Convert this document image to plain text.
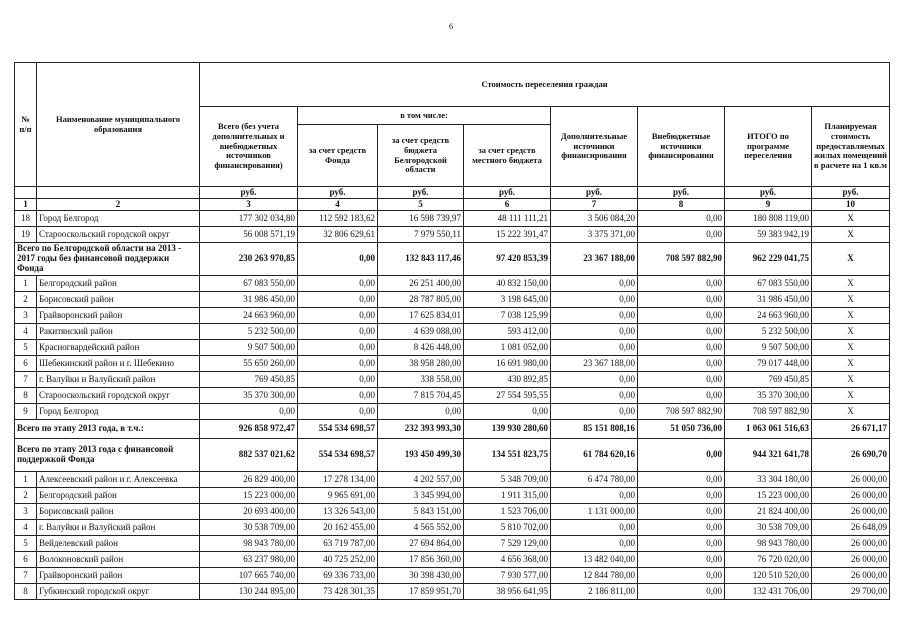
6
№ п/п	Наименование муниципального образования	Стоимость переселения граждан							
		Всего (без учета дополнительных и внебюджетных источников финансирования)	в том числе:			Дополнительные источники финансирования	Внебюджетные источники финансирования	ИТОГО по программе переселения	Планируемая стоимость предоставляемых жилых помещений в расчете на 1 кв.м
			за счет средств Фонда	за счет средств бюджета Белгородской области	за счет средств местного бюджета				
		руб.	руб.	руб.	руб.	руб.	руб.	руб.	руб.
1	2	3	4	5	6	7	8	9	10
18	Город Белгород	177 302 034,80	112 592 183,62	16 598 739,97	48 111 111,21	3 506 084,20	0,00	180 808 119,00	Х
19	Старооскольский городской округ	56 008 571,19	32 806 629,61	7 979 550,11	15 222 391,47	3 375 371,00	0,00	59 383 942,19	Х
Всего по Белгородской области на 2013 - 2017 годы без финансовой поддержки Фонда		230 263 970,85	0,00	132 843 117,46	97 420 853,39	23 367 188,00	708 597 882,90	962 229 041,75	Х
1	Белгородский район	67 083 550,00	0,00	26 251 400,00	40 832 150,00	0,00	0,00	67 083 550,00	Х
2	Борисовский район	31 986 450,00	0,00	28 787 805,00	3 198 645,00	0,00	0,00	31 986 450,00	Х
3	Грайворонский район	24 663 960,00	0,00	17 625 834,01	7 038 125,99	0,00	0,00	24 663 960,00	Х
4	Ракитянский район	5 232 500,00	0,00	4 639 088,00	593 412,00	0,00	0,00	5 232 500,00	Х
5	Красногвардейский район	9 507 500,00	0,00	8 426 448,00	1 081 052,00	0,00	0,00	9 507 500,00	Х
6	Шебекинский район и г. Шебекино	55 650 260,00	0,00	38 958 280,00	16 691 980,00	23 367 188,00	0,00	79 017 448,00	Х
7	г. Валуйки и Валуйский район	769 450,85	0,00	338 558,00	430 892,85	0,00	0,00	769 450,85	Х
8	Старооскольский городской округ	35 370 300,00	0,00	7 815 704,45	27 554 595,55	0,00	0,00	35 370 300,00	Х
9	Город Белгород	0,00	0,00	0,00	0,00	0,00	708 597 882,90	708 597 882,90	Х
Всего по этапу 2013 года, в т.ч.:		926 858 972,47	554 534 698,57	232 393 993,30	139 930 280,60	85 151 808,16	51 050 736,00	1 063 061 516,63	26 671,17
Всего по этапу 2013 года с финансовой поддержкой Фонда		882 537 021,62	554 534 698,57	193 450 499,30	134 551 823,75	61 784 620,16	0,00	944 321 641,78	26 690,70
1	Алексеевский район и г. Алексеевка	26 829 400,00	17 278 134,00	4 202 557,00	5 348 709,00	6 474 780,00	0,00	33 304 180,00	26 000,00
2	Белгородский район	15 223 000,00	9 965 691,00	3 345 994,00	1 911 315,00	0,00	0,00	15 223 000,00	26 000,00
3	Борисовский район	20 693 400,00	13 326 543,00	5 843 151,00	1 523 706,00	1 131 000,00	0,00	21 824 400,00	26 000,00
4	г. Валуйки и Валуйский район	30 538 709,00	20 162 455,00	4 565 552,00	5 810 702,00	0,00	0,00	30 538 709,00	26 648,09
5	Вейделевский район	98 943 780,00	63 719 787,00	27 694 864,00	7 529 129,00	0,00	0,00	98 943 780,00	26 000,00
6	Волоконовский район	63 237 980,00	40 725 252,00	17 856 360,00	4 656 368,00	13 482 040,00	0,00	76 720 020,00	26 000,00
7	Грайворонский район	107 665 740,00	69 336 733,00	30 398 430,00	7 930 577,00	12 844 780,00	0,00	120 510 520,00	26 000,00
8	Губкинский городской округ	130 244 895,00	73 428 301,35	17 859 951,70	38 956 641,95	2 186 811,00	0,00	132 431 706,00	29 700,00
